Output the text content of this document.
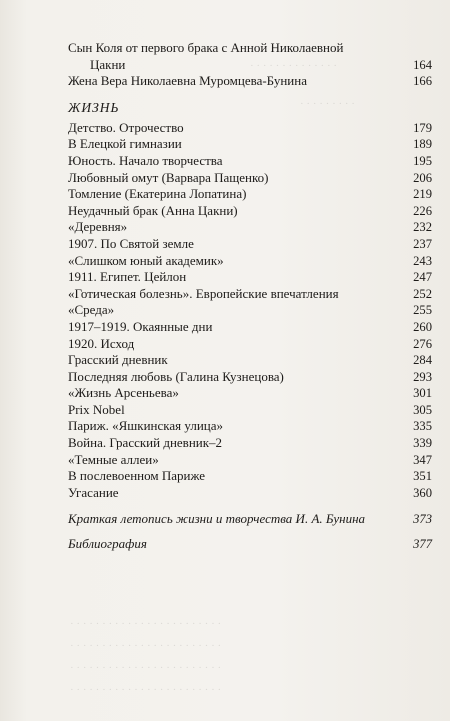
· · · · · · · · · · · · · ·
· · · · · · · · ·
· · · · · · · · · · · · · · · · · · · · · · · ·
· · · · · · · · · · · · · · · · · · · · · · · ·
· · · · · · · · · · · · · · · · · · · · · · · ·
· · · · · · · · · · · · · · · · · · · · · · · ·
Сын Коля от первого брака с Анной Николаевной
Цакни	164
Жена Вера Николаевна Муромцева-Бунина	166
ЖИЗНЬ
Детство. Отрочество	179
В Елецкой гимназии	189
Юность. Начало творчества	195
Любовный омут (Варвара Пащенко)	206
Томление (Екатерина Лопатина)	219
Неудачный брак (Анна Цакни)	226
«Деревня»	232
1907. По Святой земле	237
«Слишком юный академик»	243
1911. Египет. Цейлон	247
«Готическая болезнь». Европейские впечатления	252
«Среда»	255
1917–1919. Окаянные дни	260
1920. Исход	276
Грасский дневник	284
Последняя любовь (Галина Кузнецова)	293
«Жизнь Арсеньева»	301
Prix Nobel	305
Париж. «Яшкинская улица»	335
Война. Грасский дневник–2	339
«Темные аллеи»	347
В послевоенном Париже	351
Угасание	360
Краткая летопись жизни и творчества И. А. Бунина	373
Библиография	377
